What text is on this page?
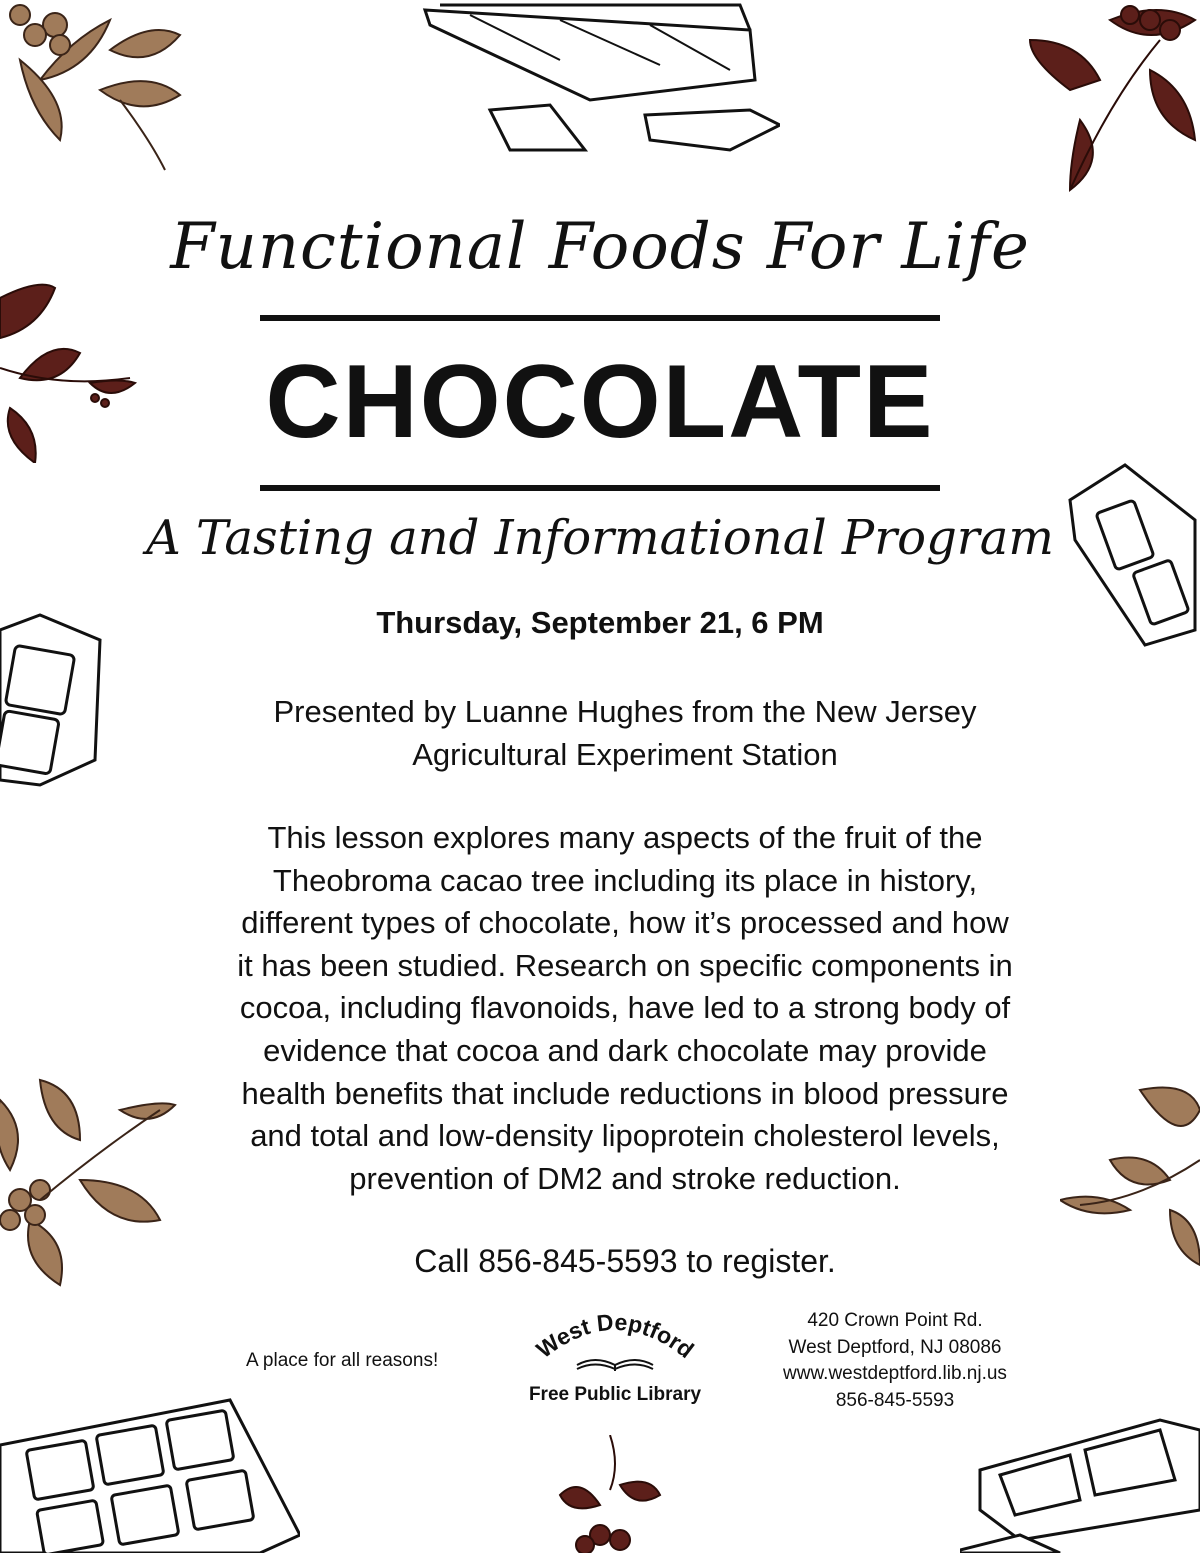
Functional Foods For Life
CHOCOLATE
A Tasting and Informational Program
Thursday, September 21, 6 PM
Presented by Luanne Hughes from the New Jersey
Agricultural Experiment Station
This lesson explores many aspects of the fruit of the
Theobroma cacao tree including its place in history,
different types of chocolate, how it’s processed and how
it has been studied. Research on specific components in
cocoa, including flavonoids, have led to a strong body of
evidence that cocoa and dark chocolate may provide
health benefits that include reductions in blood pressure
and total and low-density lipoprotein cholesterol levels,
prevention of DM2 and stroke reduction.
Call 856-845-5593 to register.
A place for all reasons!	West Deptford
Free Public Library
420 Crown Point Rd.
West Deptford, NJ 08086
www.westdeptford.lib.nj.us
856-845-5593
